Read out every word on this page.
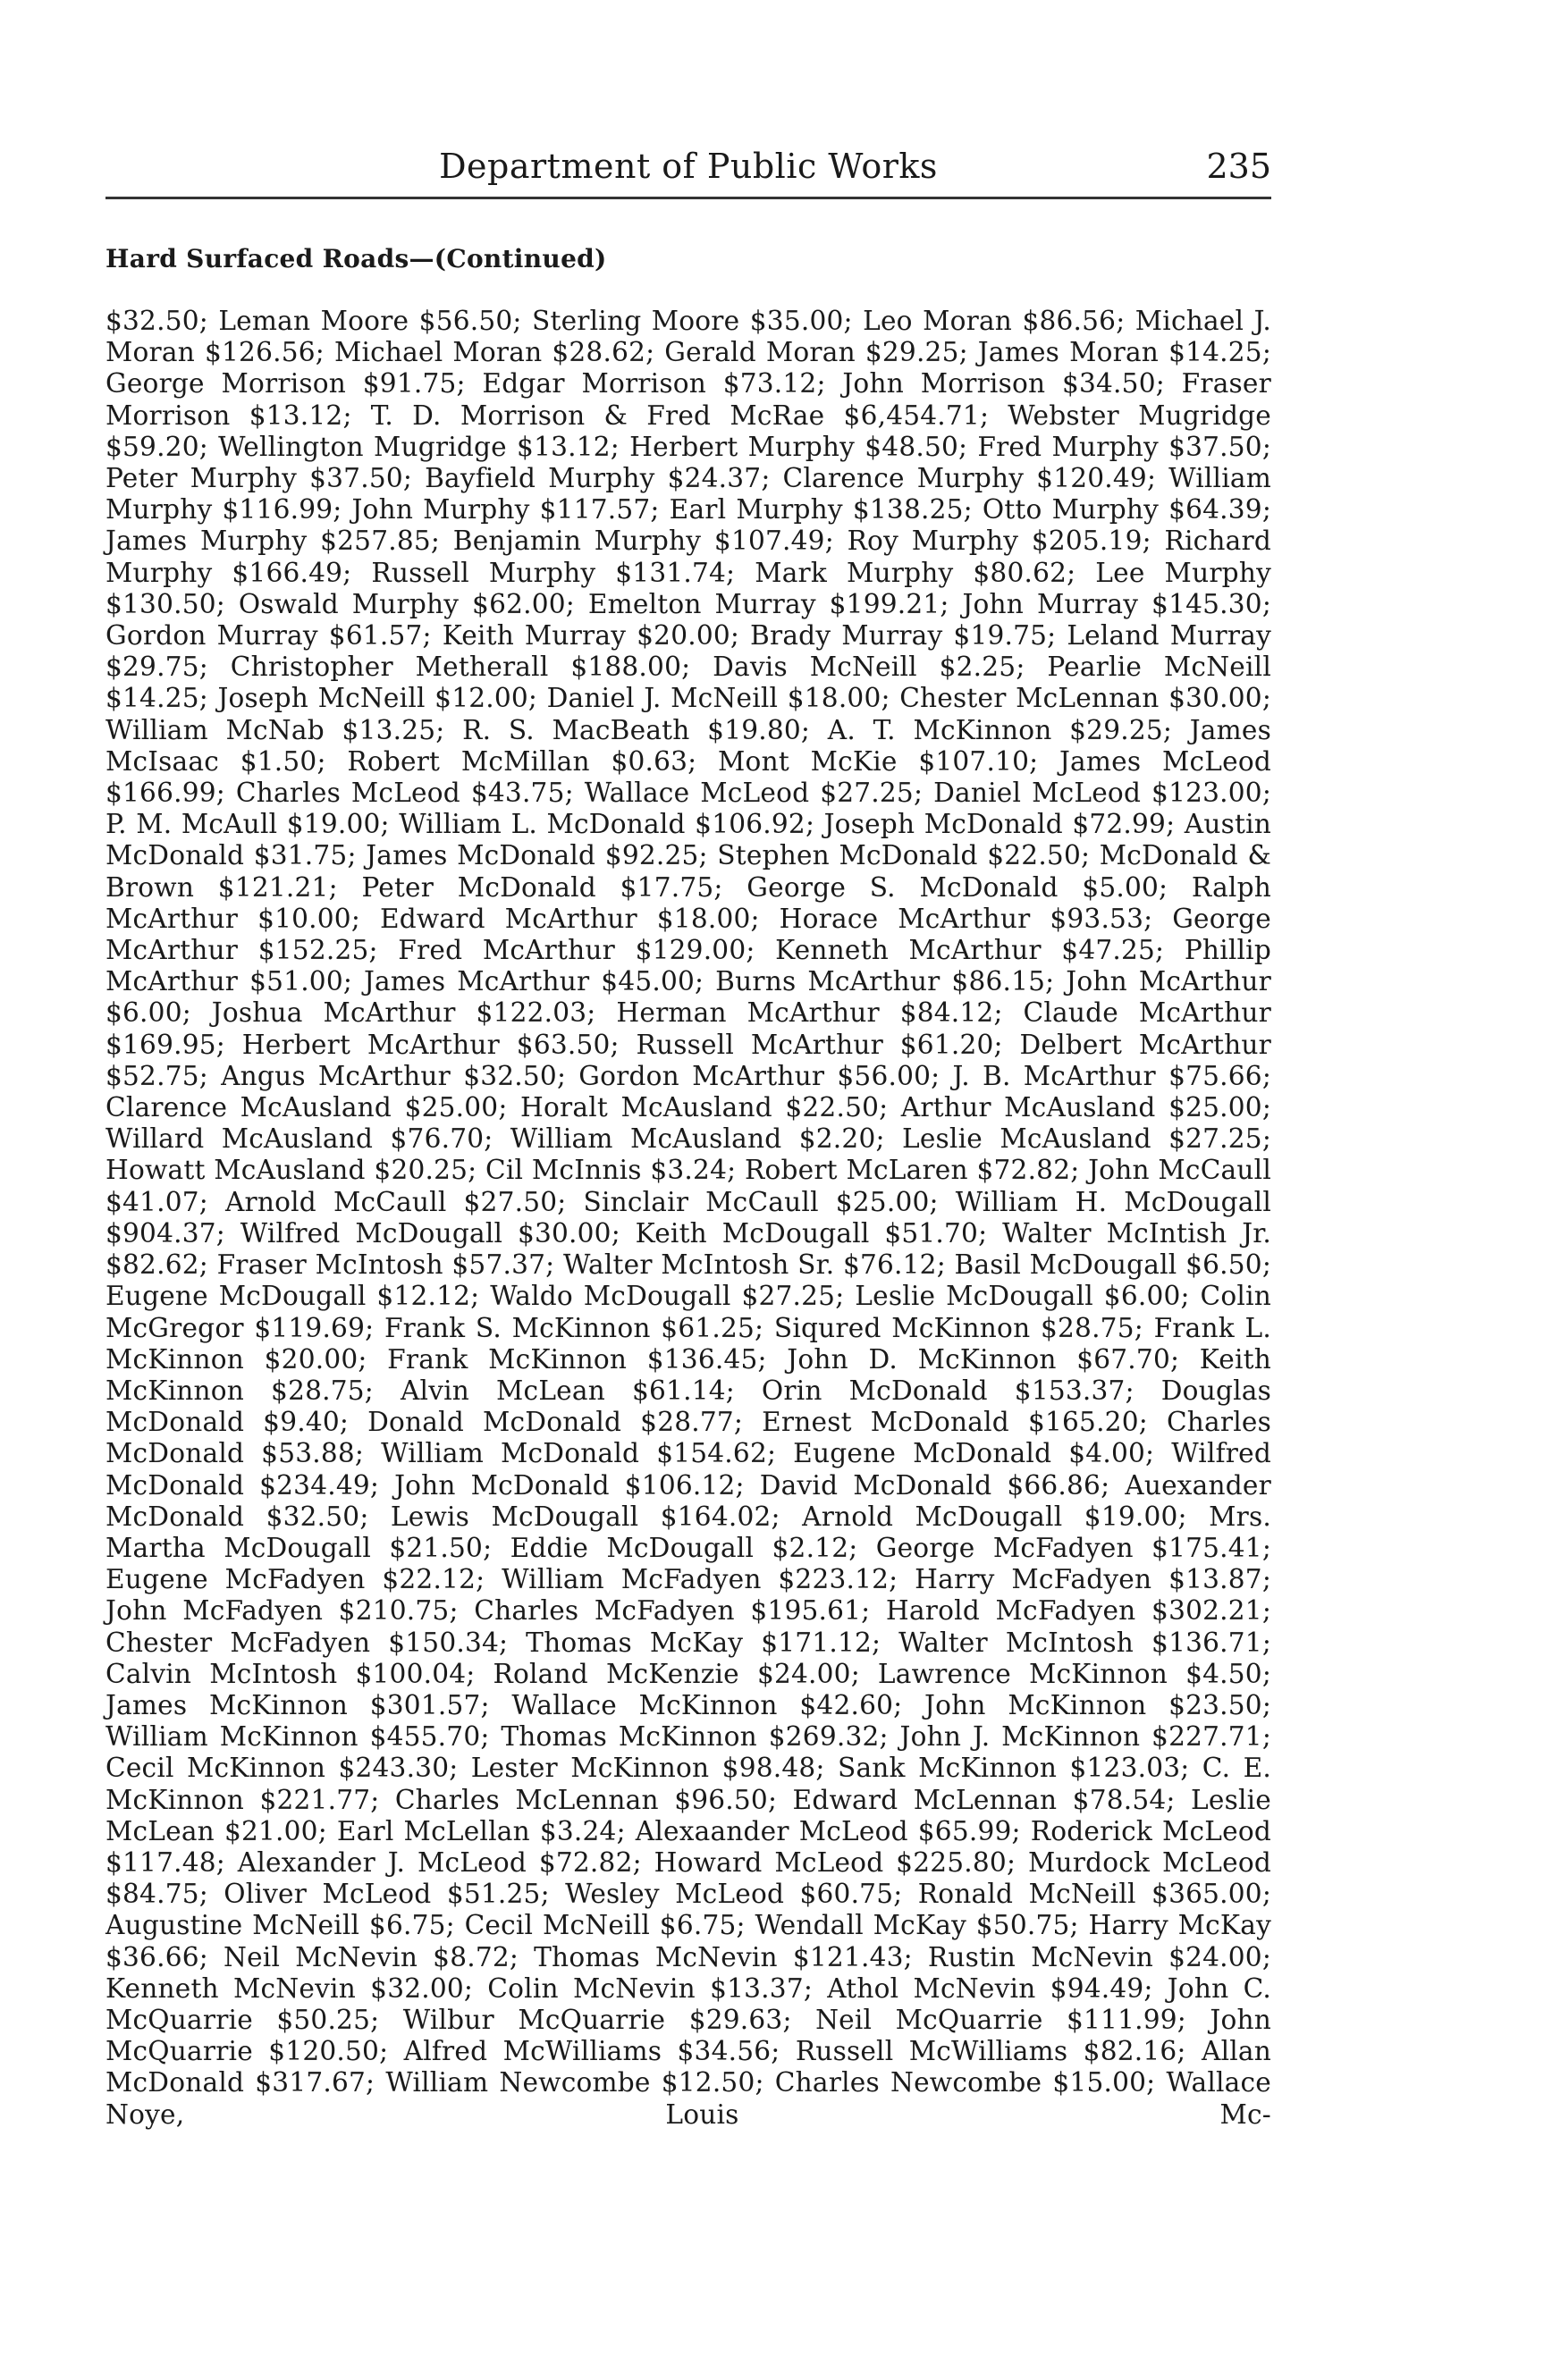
Department of Public Works	235
Hard Surfaced Roads—(Continued)

$32.50; Leman Moore $56.50; Sterling Moore $35.00; Leo Moran $86.56; Michael J. Moran $126.56; Michael Moran $28.62; Gerald Moran $29.25; James Moran $14.25; George Morrison $91.75; Edgar Morrison $73.12; John Morrison $34.50; Fraser Morrison $13.12; T. D. Morrison & Fred McRae $6,454.71; Webster Mugridge $59.20; Wellington Mugridge $13.12; Herbert Murphy $48.50; Fred Murphy $37.50; Peter Murphy $37.50; Bayfield Murphy $24.37; Clarence Murphy $120.49; William Murphy $116.99; John Murphy $117.57; Earl Murphy $138.25; Otto Murphy $64.39; James Murphy $257.85; Benjamin Murphy $107.49; Roy Murphy $205.19; Richard Murphy $166.49; Russell Murphy $131.74; Mark Murphy $80.62; Lee Murphy $130.50; Oswald Murphy $62.00; Emelton Murray $199.21; John Murray $145.30; Gordon Murray $61.57; Keith Murray $20.00; Brady Murray $19.75; Leland Murray $29.75; Christopher Metherall $188.00; Davis McNeill $2.25; Pearlie McNeill $14.25; Joseph McNeill $12.00; Daniel J. McNeill $18.00; Chester McLennan $30.00; William McNab $13.25; R. S. MacBeath $19.80; A. T. McKinnon $29.25; James McIsaac $1.50; Robert McMillan $0.63; Mont McKie $107.10; James McLeod $166.99; Charles McLeod $43.75; Wallace McLeod $27.25; Daniel McLeod $123.00; P. M. McAull $19.00; William L. McDonald $106.92; Joseph McDonald $72.99; Austin McDonald $31.75; James McDonald $92.25; Stephen McDonald $22.50; McDonald & Brown $121.21; Peter McDonald $17.75; George S. McDonald $5.00; Ralph McArthur $10.00; Edward McArthur $18.00; Horace McArthur $93.53; George McArthur $152.25; Fred McArthur $129.00; Kenneth McArthur $47.25; Phillip McArthur $51.00; James McArthur $45.00; Burns McArthur $86.15; John McArthur $6.00; Joshua McArthur $122.03; Herman McArthur $84.12; Claude McArthur $169.95; Herbert McArthur $63.50; Russell McArthur $61.20; Delbert McArthur $52.75; Angus McArthur $32.50; Gordon McArthur $56.00; J. B. McArthur $75.66; Clarence McAusland $25.00; Horalt McAusland $22.50; Arthur McAusland $25.00; Willard McAusland $76.70; William McAusland $2.20; Leslie McAusland $27.25; Howatt McAusland $20.25; Cil McInnis $3.24; Robert McLaren $72.82; John McCaull $41.07; Arnold McCaull $27.50; Sinclair McCaull $25.00; William H. McDougall $904.37; Wilfred McDougall $30.00; Keith McDougall $51.70; Walter McIntish Jr. $82.62; Fraser McIntosh $57.37; Walter McIntosh Sr. $76.12; Basil McDougall $6.50; Eugene McDougall $12.12; Waldo McDougall $27.25; Leslie McDougall $6.00; Colin McGregor $119.69; Frank S. McKinnon $61.25; Siqured McKinnon $28.75; Frank L. McKinnon $20.00; Frank McKinnon $136.45; John D. McKinnon $67.70; Keith McKinnon $28.75; Alvin McLean $61.14; Orin McDonald $153.37; Douglas McDonald $9.40; Donald McDonald $28.77; Ernest McDonald $165.20; Charles McDonald $53.88; William McDonald $154.62; Eugene McDonald $4.00; Wilfred McDonald $234.49; John McDonald $106.12; David McDonald $66.86; Auexander McDonald $32.50; Lewis McDougall $164.02; Arnold McDougall $19.00; Mrs. Martha McDougall $21.50; Eddie McDougall $2.12; George McFadyen $175.41; Eugene McFadyen $22.12; William McFadyen $223.12; Harry McFadyen $13.87; John McFadyen $210.75; Charles McFadyen $195.61; Harold McFadyen $302.21; Chester McFadyen $150.34; Thomas McKay $171.12; Walter McIntosh $136.71; Calvin McIntosh $100.04; Roland McKenzie $24.00; Lawrence McKinnon $4.50; James McKinnon $301.57; Wallace McKinnon $42.60; John McKinnon $23.50; William McKinnon $455.70; Thomas McKinnon $269.32; John J. McKinnon $227.71; Cecil McKinnon $243.30; Lester McKinnon $98.48; Sank McKinnon $123.03; C. E. McKinnon $221.77; Charles McLennan $96.50; Edward McLennan $78.54; Leslie McLean $21.00; Earl McLellan $3.24; Alexaander McLeod $65.99; Roderick McLeod $117.48; Alexander J. McLeod $72.82; Howard McLeod $225.80; Murdock McLeod $84.75; Oliver McLeod $51.25; Wesley McLeod $60.75; Ronald McNeill $365.00; Augustine McNeill $6.75; Cecil McNeill $6.75; Wendall McKay $50.75; Harry McKay $36.66; Neil McNevin $8.72; Thomas McNevin $121.43; Rustin McNevin $24.00; Kenneth McNevin $32.00; Colin McNevin $13.37; Athol McNevin $94.49; John C. McQuarrie $50.25; Wilbur McQuarrie $29.63; Neil McQuarrie $111.99; John McQuarrie $120.50; Alfred McWilliams $34.56; Russell McWilliams $82.16; Allan McDonald $317.67; William Newcombe $12.50; Charles Newcombe $15.00; Wallace Noye, Louis Mc-
